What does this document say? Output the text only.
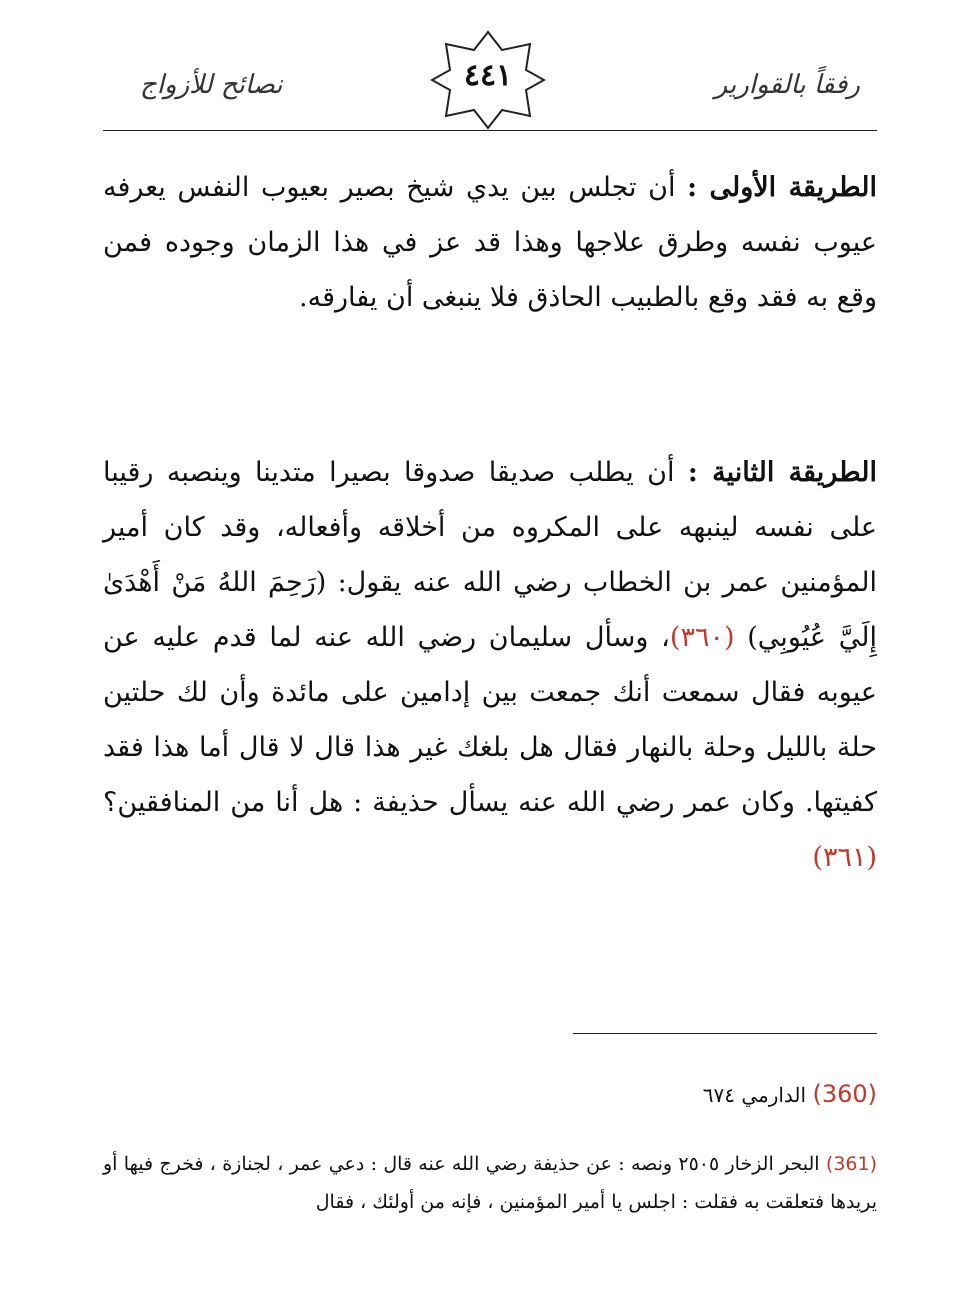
رفقاً بالقوارير
٤٤١
نصائح للأزواج
الطريقة الأولى : أن تجلس بين يدي شيخ بصير بعيوب النفس يعرفه عيوب نفسه وطرق علاجها وهذا قد عز في هذا الزمان وجوده فمن وقع به فقد وقع بالطبيب الحاذق فلا ينبغى أن يفارقه.
الطريقة الثانية : أن يطلب صديقا صدوقا بصيرا متدينا وينصبه رقيبا على نفسه لينبهه على المكروه من أخلاقه وأفعاله، وقد كان أمير المؤمنين عمر بن الخطاب رضي الله عنه يقول: (رَحِمَ اللهُ مَنْ أَهْدَىٰ إِلَيَّ عُيُوبِي) (٣٦٠)، وسأل سليمان رضي الله عنه لما قدم عليه عن عيوبه فقال سمعت أنك جمعت بين إدامين على مائدة وأن لك حلتين حلة بالليل وحلة بالنهار فقال هل بلغك غير هذا قال لا قال أما هذا فقد كفيتها. وكان عمر رضي الله عنه يسأل حذيفة : هل أنا من المنافقين؟(٣٦١)
(360) الدارمي ٦٧٤
(361) البحر الزخار ٢٥٠٥ ونصه : عن حذيفة رضي الله عنه قال : دعي عمر ، لجنازة ، فخرج فيها أو يريدها فتعلقت به فقلت : اجلس يا أمير المؤمنين ، فإنه من أولئك ، فقال
